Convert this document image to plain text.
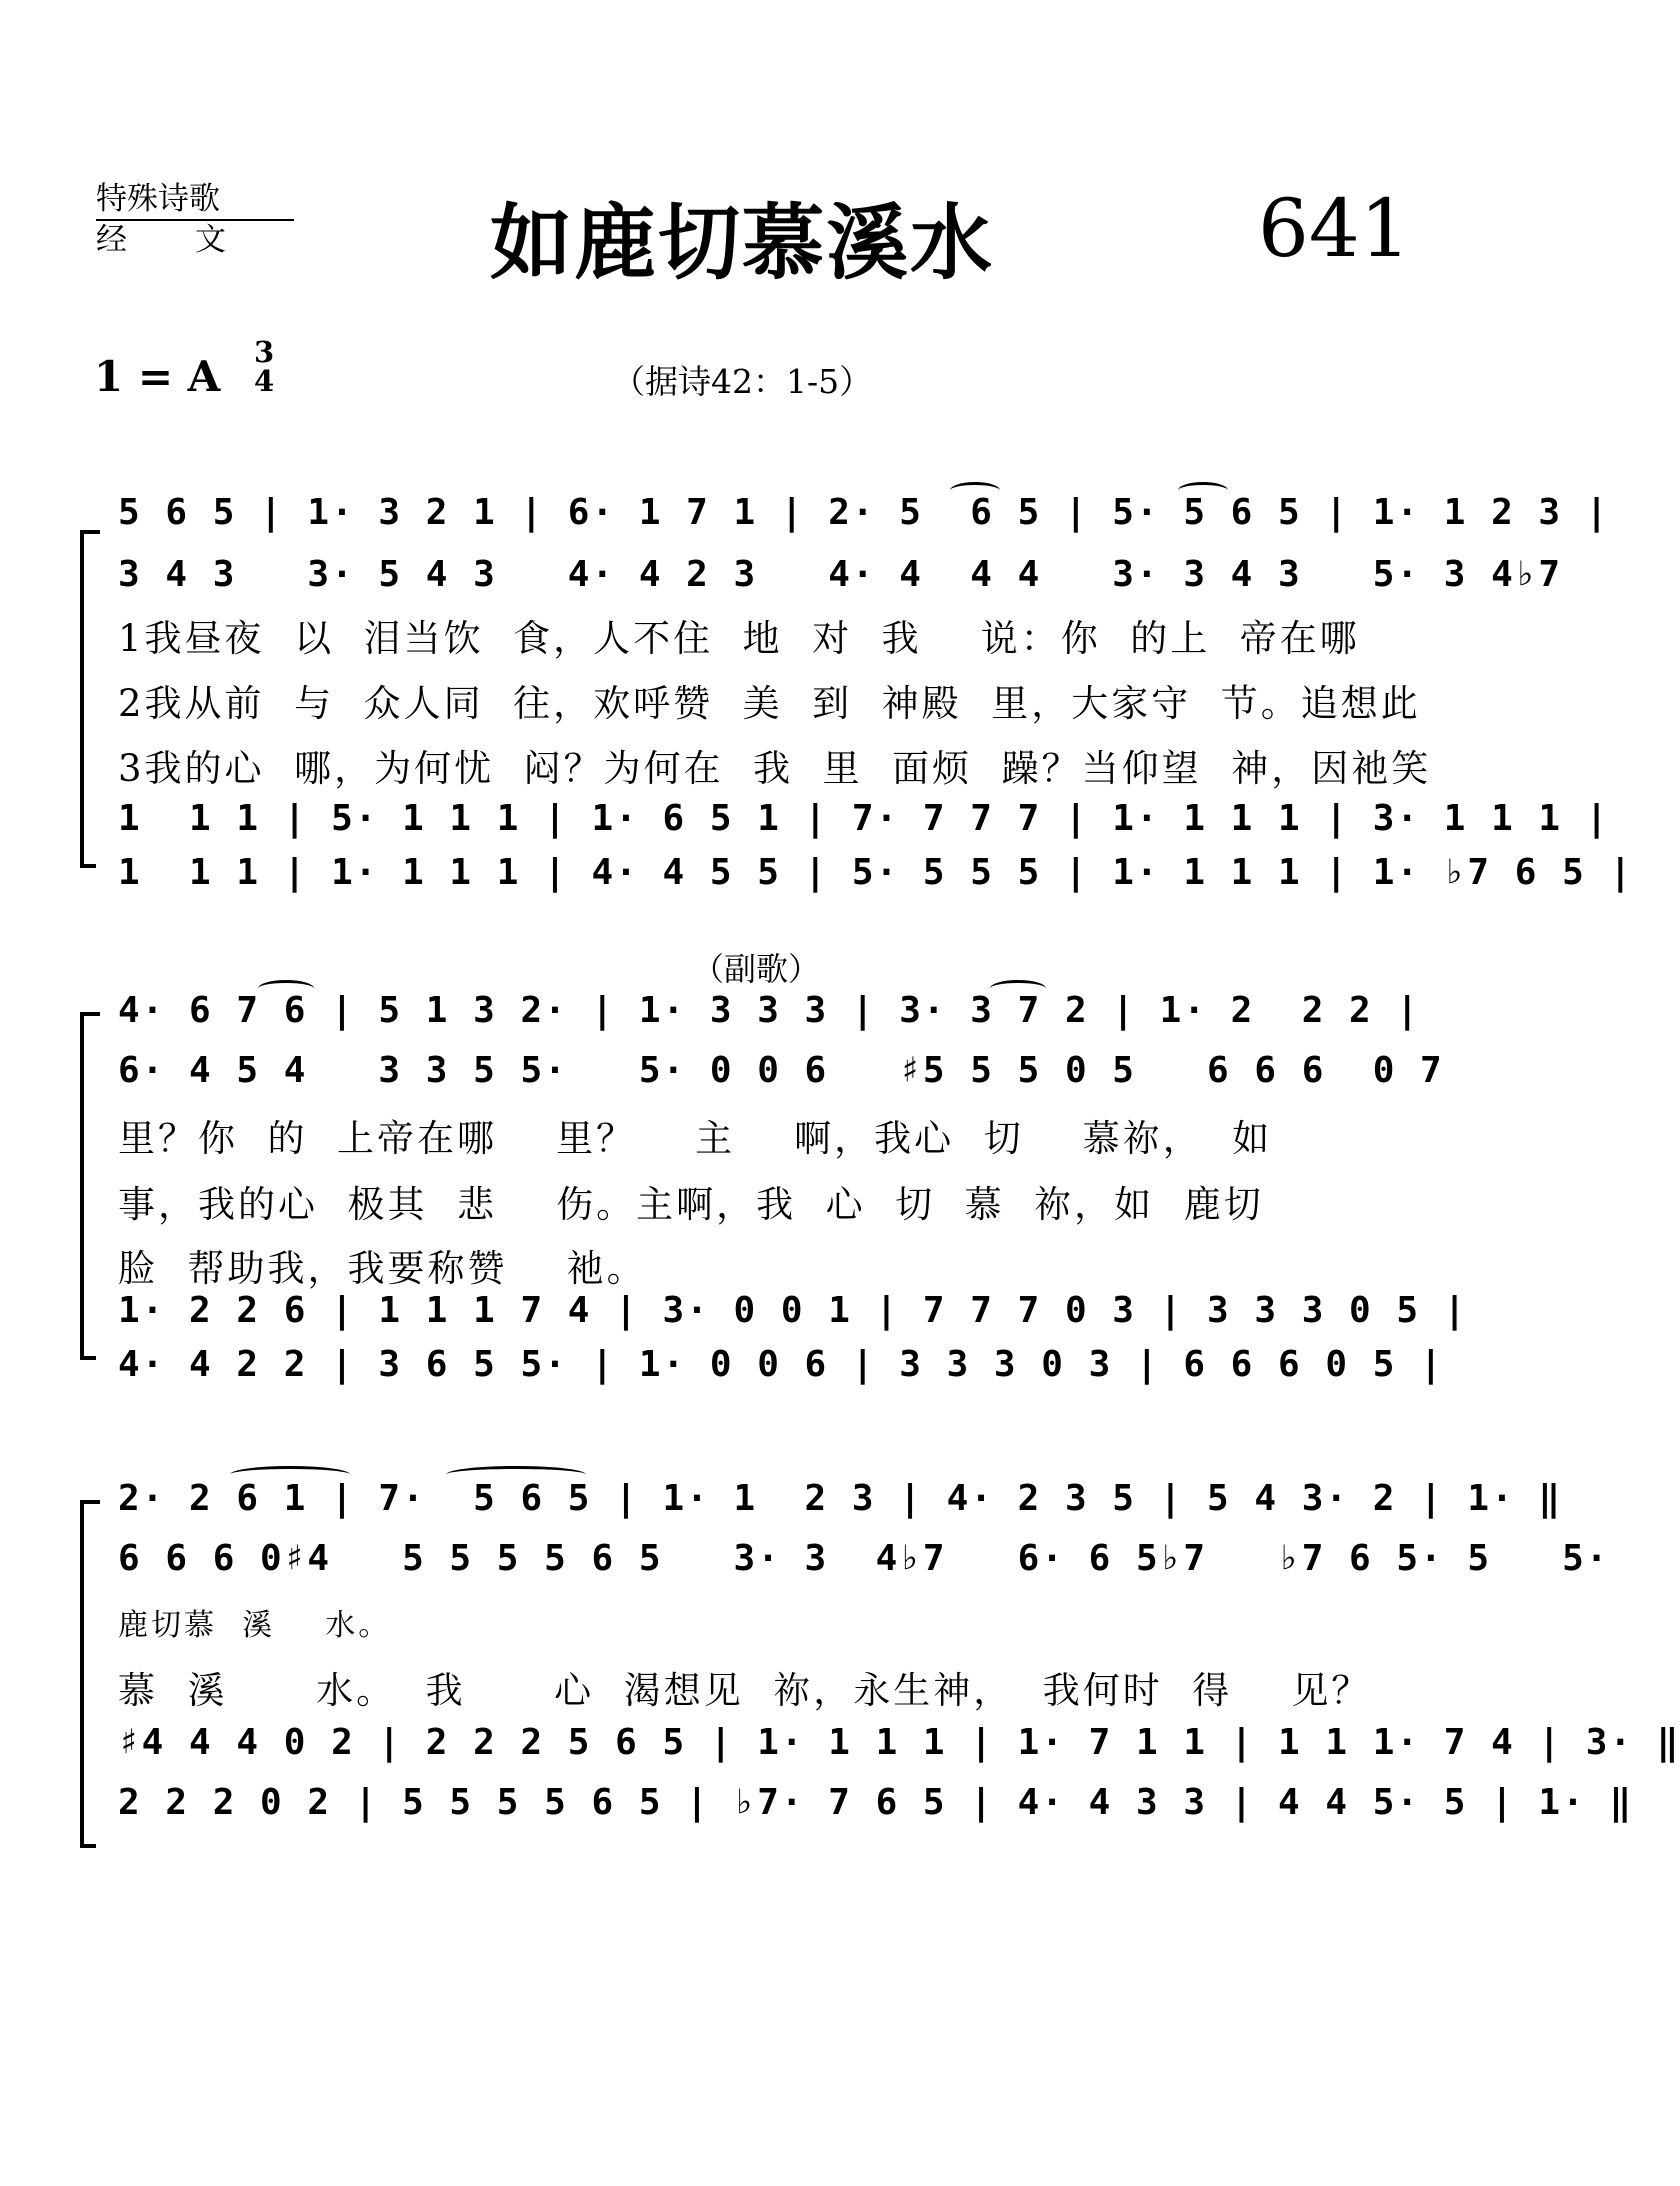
特殊诗歌
经文 如鹿切慕溪水	641
1 = A 3
4	（据诗42：1-5）
（副歌）
5 6 5 | 1· 3 2 1 | 6· 1 7 1 | 2· 5  6 5 | 5· 5 6 5 | 1· 1 2 3 |
3 4 3   3· 5 4 3   4· 4 2 3   4· 4  4 4   3· 3 4 3   5· 3 4♭7
1我昼夜  以  泪当饮  食，人不住  地  对  我    说：你  的上  帝在哪
2我从前  与  众人同  往，欢呼赞  美  到  神殿  里，大家守  节。追想此
3我的心  哪，为何忧  闷？为何在  我  里  面烦  躁？当仰望  神，因祂笑
1  1 1 | 5· 1 1 1 | 1· 6 5 1 | 7· 7 7 7 | 1· 1 1 1 | 3· 1 1 1 |
1  1 1 | 1· 1 1 1 | 4· 4 5 5 | 5· 5 5 5 | 1· 1 1 1 | 1· ♭7 6 5 |
4· 6 7 6 | 5 1 3 2· | 1· 3 3 3 | 3· 3 7 2 | 1· 2  2 2 |
6· 4 5 4   3 3 5 5·   5· 0 0 6   ♯5 5 5 0 5   6 6 6  0 7
里？你  的  上帝在哪    里？    主    啊，我心  切    慕祢，  如
事，我的心  极其  悲    伤。主啊，我  心  切  慕  祢，如  鹿切
脸  帮助我，我要称赞    祂。
1· 2 2 6 | 1 1 1 7 4 | 3· 0 0 1 | 7 7 7 0 3 | 3 3 3 0 5 |
4· 4 2 2 | 3 6 5 5· | 1· 0 0 6 | 3 3 3 0 3 | 6 6 6 0 5 |
2· 2 6 1 | 7·  5 6 5 | 1· 1  2 3 | 4· 2 3 5 | 5 4 3· 2 | 1· ‖
6 6 6 0♯4   5 5 5 5 6 5   3· 3  4♭7   6· 6 5♭7   ♭7 6 5· 5   5·
鹿切慕  溪    水。
慕  溪      水。  我      心  渴想见  祢，永生神，  我何时  得    见？
♯4 4 4 0 2 | 2 2 2 5 6 5 | 1· 1 1 1 | 1· 7 1 1 | 1 1 1· 7 4 | 3· ‖
2 2 2 0 2 | 5 5 5 5 6 5 | ♭7· 7 6 5 | 4· 4 3 3 | 4 4 5· 5 | 1· ‖
